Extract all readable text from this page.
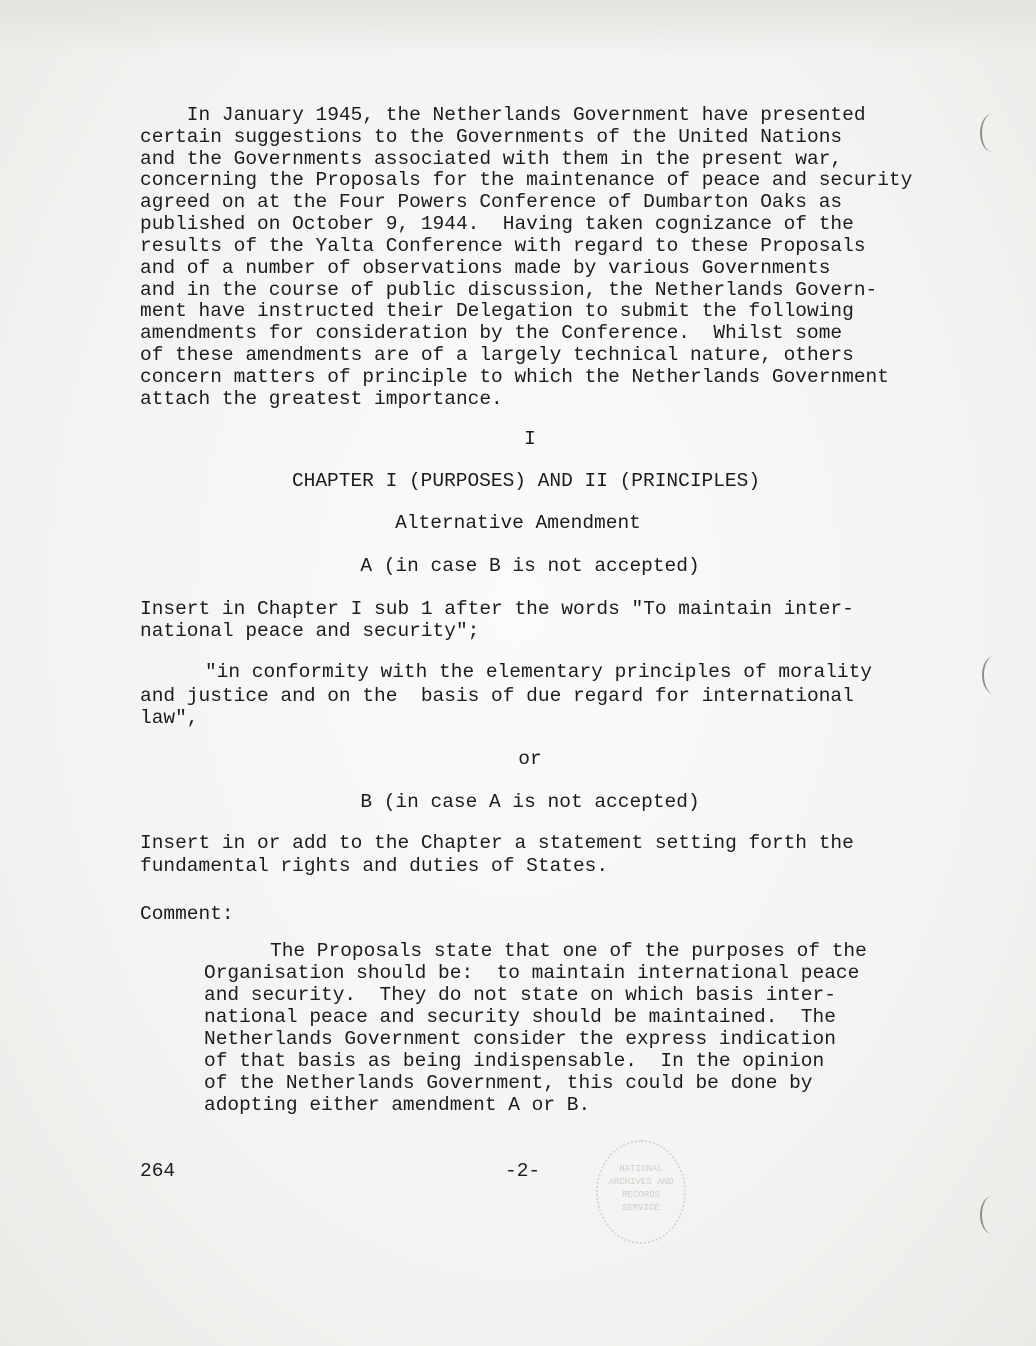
In January 1945, the Netherlands Government have presented
certain suggestions to the Governments of the United Nations
and the Governments associated with them in the present war,
concerning the Proposals for the maintenance of peace and security
agreed on at the Four Powers Conference of Dumbarton Oaks as
published on October 9, 1944.  Having taken cognizance of the
results of the Yalta Conference with regard to these Proposals
and of a number of observations made by various Governments
and in the course of public discussion, the Netherlands Govern-
ment have instructed their Delegation to submit the following
amendments for consideration by the Conference.  Whilst some
of these amendments are of a largely technical nature, others
concern matters of principle to which the Netherlands Government
attach the greatest importance.
I
CHAPTER I (PURPOSES) AND II (PRINCIPLES)
Alternative Amendment
A (in case B is not accepted)
Insert in Chapter I sub 1 after the words "To maintain inter-
national peace and security";
"in conformity with the elementary principles of morality
and justice and on the  basis of due regard for international
law",
or
B (in case A is not accepted)
Insert in or add to the Chapter a statement setting forth the
fundamental rights and duties of States.
Comment:
The Proposals state that one of the purposes of the
Organisation should be:  to maintain international peace
and security.  They do not state on which basis inter-
national peace and security should be maintained.  The
Netherlands Government consider the express indication
of that basis as being indispensable.  In the opinion
of the Netherlands Government, this could be done by
adopting either amendment A or B.
264	-2-	NATIONAL
ARCHIVES AND
RECORDS
SERVICE
